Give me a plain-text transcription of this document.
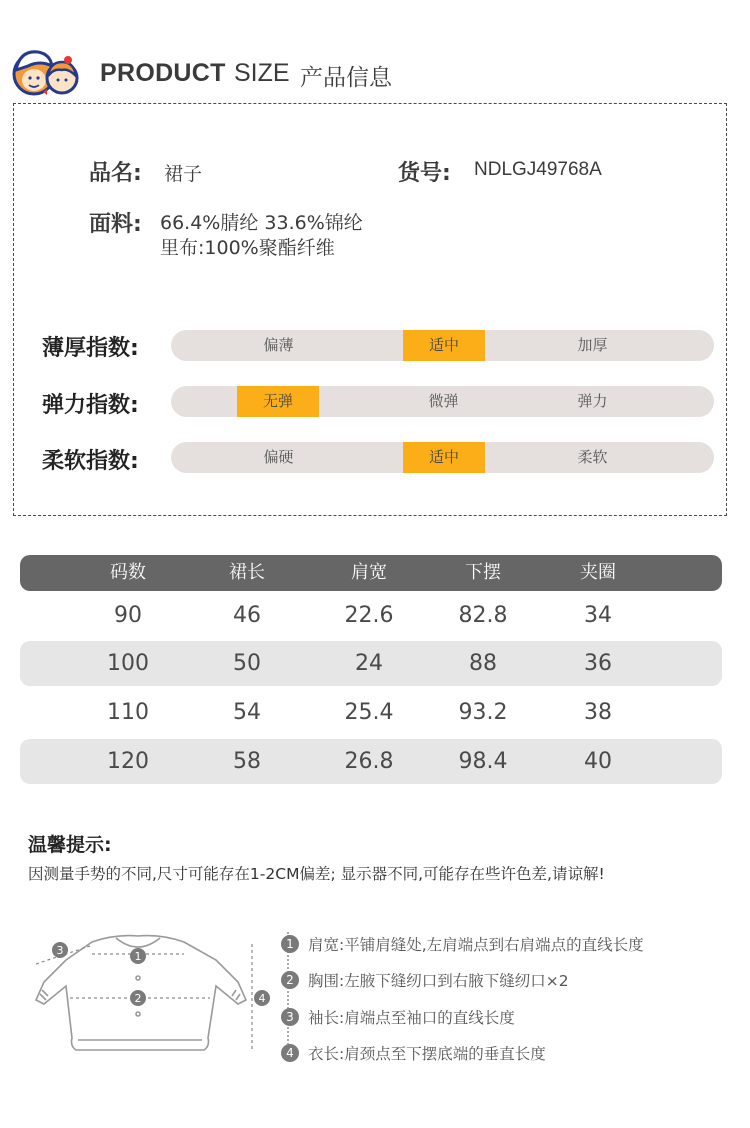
PRODUCT SIZE 产品信息
品名: 裙子	货号: NDLGJ49768A
面料: 66.4%腈纶 33.6%锦纶
里布:100%聚酯纤维
薄厚指数:	偏薄	适中	加厚
弹力指数:	无弹	微弹	弹力
柔软指数:	偏硬	适中	柔软
码数	裙长	肩宽	下摆	夹圈
90	46	22.6	82.8	34
100	50	24	88	36
110	54	25.4	93.2	38
120	58	26.8	98.4	40
温馨提示:
因测量手势的不同,尺寸可能存在1-2CM偏差; 显示器不同,可能存在些许色差,请谅解!
1
2
3
4
1 肩宽:平铺肩缝处,左肩端点到右肩端点的直线长度
2 胸围:左腋下缝纫口到右腋下缝纫口×2
3 袖长:肩端点至袖口的直线长度
4 衣长:肩颈点至下摆底端的垂直长度
